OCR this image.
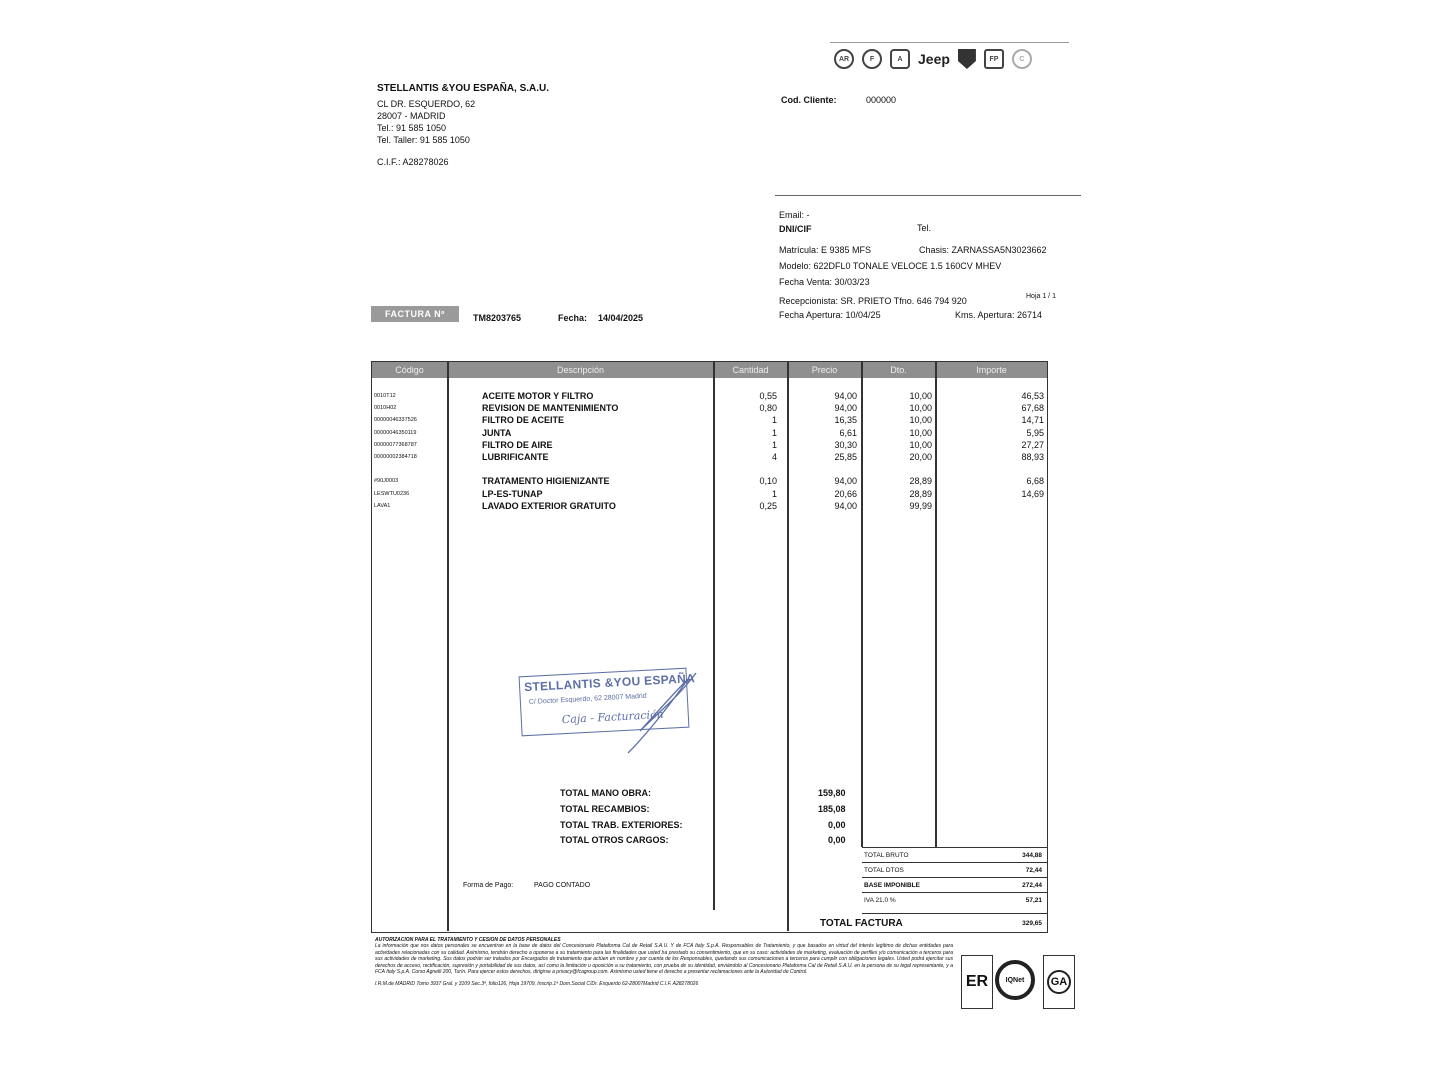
AR	F	A	Jeep	FP	C
STELLANTIS &YOU ESPAÑA, S.A.U.
CL DR. ESQUERDO, 62
28007 - MADRID
Tel.: 91 585 1050
Tel. Taller: 91 585 1050
C.I.F.: A28278026
Cod. Cliente:	000000
Email: -
DNI/CIF	Tel.
Matrícula: E 9385 MFS	Chasis: ZARNASSA5N3023662
Modelo: 622DFL0 TONALE VELOCE 1.5 160CV MHEV
Fecha Venta: 30/03/23
Recepcionista: SR. PRIETO Tfno. 646 794 920	Hoja 1 / 1
Fecha Apertura: 10/04/25	Kms. Apertura: 26714
FACTURA Nº	TM8203765	Fecha: 14/04/2025
Código	Descripción	Cantidad	Precio	Dto.	Importe
0010T12	ACEITE MOTOR Y FILTRO	0,55	94,00	10,00	46,53
0010H02	REVISION DE MANTENIMIENTO	0,80	94,00	10,00	67,68
00000046337526	FILTRO DE ACEITE	1	16,35	10,00	14,71
00000046350119	JUNTA	1	6,61	10,00	5,95
00000077368787	FILTRO DE AIRE	1	30,30	10,00	27,27
00000002384718	LUBRIFICANTE	4	25,85	20,00	88,93
#90J0003	TRATAMENTO HIGIENIZANTE	0,10	94,00	28,89	6,68
LESWTU0236	LP-ES-TUNAP	1	20,66	28,89	14,69
LAVA1	LAVADO EXTERIOR GRATUITO	0,25	94,00	99,99
TOTAL MANO OBRA:	159,80
TOTAL RECAMBIOS:	185,08
TOTAL TRAB. EXTERIORES:	0,00
TOTAL OTROS CARGOS:	0,00
Forma de Pago:	PAGO CONTADO
TOTAL BRUTO	344,88
TOTAL DTOS	72,44
BASE IMPONIBLE	272,44
IVA 21,0 %	57,21
TOTAL FACTURA	329,65
STELLANTIS &YOU ESPAÑA
C/ Doctor Esquerdo, 62 28007 Madrid
Caja - Facturación
AUTORIZACION PARA EL TRATAMIENTO Y CESION DE DATOS PERSONALES
La información que nos datos personales se encuentran en la base de datos del Concesionario Plataforma Cal de Retail S.A.U. Y de FCA Italy S.p.A. Responsables de Tratamiento, y que basados en virtud del interés legítimo de dichas entidades para actividades relacionadas con su calidad. Asimismo, tendrán derecho a oponerse a su tratamiento para las finalidades que usted ha prestado su consentimiento, que en su caso: actividades de marketing, evaluación de perfiles y/o comunicación a terceros para sus actividades de marketing. Sus datos podrán ser tratados por Encargados de tratamiento que actúen en nombre y por cuenta de los Responsables, quedando sus comunicaciones a terceros para cumplir con obligaciones legales. Usted podrá ejercitar sus derechos de acceso, rectificación, supresión y portabilidad de sus datos, así como la limitación u oposición a su tratamiento, con prueba de su identidad, enviándolo al Concesionario Plataforma Cal de Retail S.A.U. en la persona de su legal representante, y a FCA Italy S.p.A. Corso Agnelli 200, Turín. Para ejercer estos derechos, dirigirse a privacy@fcagroup.com. Asimismo usted tiene el derecho a presentar reclamaciones ante la Autoridad de Control.
I.R.M.de MADRID Tomo 3937 Gral. y 3109 Sec.3ª, folio126, Hoja 19709, Inscrip.1ª Dom.Social C/Dr. Esquerdo 62-28007Madrid C.I.F. A28278026	ER	IQNet	GA
